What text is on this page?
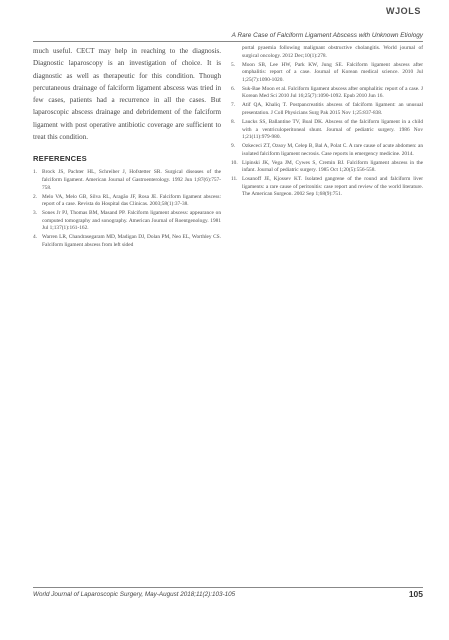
WJOLS
A Rare Case of Falciform Ligament Abscess with Unknown Etiology

much useful. CECT may help in reaching to the diagnosis. Diagnostic laparoscopy is an investigation of choice. It is diagnostic as well as therapeutic for this condition. Though percutaneous drainage of falciform ligament abscess was tried in few cases, patients had a recurrence in all the cases. But laparoscopic abscess drainage and debridement of the falciform ligament with post operative antibiotic coverage are sufficient to treat this condition.

REFERENCES
1. Brock JS, Pachter HL, Schreiber J, Hofstetter SR. Surgical diseases of the falciform ligament. American Journal of Gastroenterology. 1992 Jun 1;87(6):757-758.
2. Melo VA, Melo GB, Silva RL, Aragão JF, Rosa JE. Falciform ligament abscess: report of a case. Revista do Hospital das Clínicas. 2003;58(1):37-38.
3. Sones Jr PJ, Thomas BM, Masand PP. Falciform ligament abscess: appearance on computed tomography and sonography. American Journal of Roentgenology. 1981 Jul 1;137(1):161-162.
4. Warren LR, Chandrasegaram MD, Madigan DJ, Dolan PM, Neo EL, Worthley CS. Falciform ligament abscess from left sided
portal pyaemia following malignant obstructive cholangitis. World journal of surgical oncology. 2012 Dec;10(1):278.
5. Moon SB, Lee HW, Park KW, Jung SE. Falciform ligament abscess after omphalitis: report of a case. Journal of Korean medical science. 2010 Jul 1;25(7):1090-1020.
6. Suk-Bae Moon et al. Falciform ligament abscess after omphalitis: report of a case. J Korean Med Sci 2010 Jul 16;25(7):1090-1092. Epub 2010 Jun 16.
7. Atif QA, Khaliq T. Postpancreatitis abscess of falciform ligament: an unusual presentation. J Coll Physicians Surg Pak 2015 Nov 1;25:837-838.
8. Laucks SS, Ballantine TV, Boal DK. Abscess of the falciform ligament in a child with a ventriculoperitoneal shunt. Journal of pediatric surgery. 1986 Nov 1;21(11):979-980.
9. Ozkececi ZT, Ozsoy M, Celep B, Bal A, Polat C. A rare cause of acute abdomen: an isolated falciform ligament necrosis. Case reports in emergency medicine. 2014.
10. Lipinski JK, Vega JM, Cywes S, Cremin BJ. Falciform ligament abscess in the infant. Journal of pediatric surgery. 1985 Oct 1;20(5):556-558.
11. Losanoff JE, Kjossev KT. Isolated gangrene of the round and falciform liver ligaments: a rare cause of peritonitis: case report and review of the world literature. The American Surgeon. 2002 Sep 1;68(9):751.
World Journal of Laparoscopic Surgery, May-August 2018;11(2):103-105	105
